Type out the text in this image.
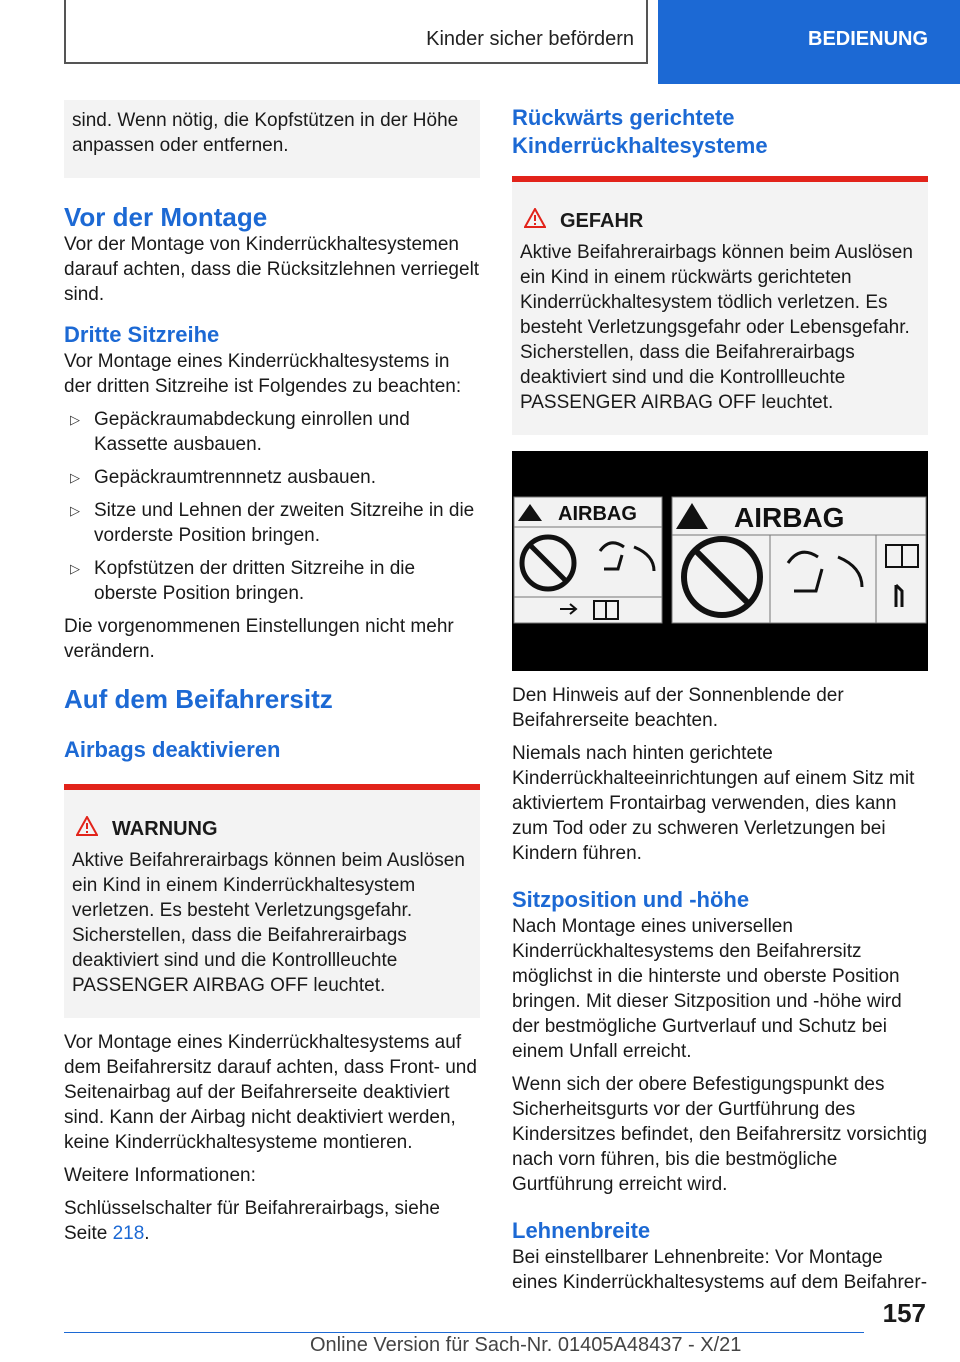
Kinder sicher befördern	BEDIENUNG

sind. Wenn nötig, die Kopfstützen in der Höhe anpassen oder entfernen.

Vor der Montage

Vor der Montage von Kinderrückhaltesystemen darauf achten, dass die Rücksitzlehnen verriegelt sind.

Dritte Sitzreihe

Vor Montage eines Kinderrückhaltesystems in der dritten Sitzreihe ist Folgendes zu beachten:

▷ Gepäckraumabdeckung einrollen und Kassette ausbauen.
▷ Gepäckraumtrennnetz ausbauen.
▷ Sitze und Lehnen der zweiten Sitzreihe in die vorderste Position bringen.
▷ Kopfstützen der dritten Sitzreihe in die oberste Position bringen.

Die vorgenommenen Einstellungen nicht mehr verändern.

Auf dem Beifahrersitz
Airbags deaktivieren
WARNUNG

Aktive Beifahrerairbags können beim Auslösen ein Kind in einem Kinderrückhaltesystem verletzen. Es besteht Verletzungsgefahr. Sicherstellen, dass die Beifahrerairbags deaktiviert sind und die Kontrollleuchte PASSENGER AIRBAG OFF leuchtet.

Vor Montage eines Kinderrückhaltesystems auf dem Beifahrersitz darauf achten, dass Front- und Seitenairbag auf der Beifahrerseite deaktiviert sind. Kann der Airbag nicht deaktiviert werden, keine Kinderrückhaltesysteme montieren.

Weitere Informationen:

Schlüsselschalter für Beifahrerairbags, siehe Seite 218.

Rückwärts gerichtete Kinderrückhaltesysteme
GEFAHR

Aktive Beifahrerairbags können beim Auslösen ein Kind in einem rückwärts gerichteten Kinderrückhaltesystem tödlich verletzen. Es besteht Verletzungsgefahr oder Lebensgefahr. Sicherstellen, dass die Beifahrerairbags deaktiviert sind und die Kontrollleuchte PASSENGER AIRBAG OFF leuchtet.

AIRBAG	AIRBAG

Den Hinweis auf der Sonnenblende der Beifahrerseite beachten.

Niemals nach hinten gerichtete Kinderrückhalteeinrichtungen auf einem Sitz mit aktiviertem Frontairbag verwenden, dies kann zum Tod oder zu schweren Verletzungen bei Kindern führen.

Sitzposition und -höhe

Nach Montage eines universellen Kinderrückhaltesystems den Beifahrersitz möglichst in die hinterste und oberste Position bringen. Mit dieser Sitzposition und -höhe wird der bestmögliche Gurtverlauf und Schutz bei einem Unfall erreicht.

Wenn sich der obere Befestigungspunkt des Sicherheitsgurts vor der Gurtführung des Kindersitzes befindet, den Beifahrersitz vorsichtig nach vorn führen, bis die bestmögliche Gurtführung erreicht wird.

Lehnenbreite

Bei einstellbarer Lehnenbreite: Vor Montage eines Kinderrückhaltesystems auf dem Beifahrer-

157
Online Version für Sach-Nr. 01405A48437 - X/21
